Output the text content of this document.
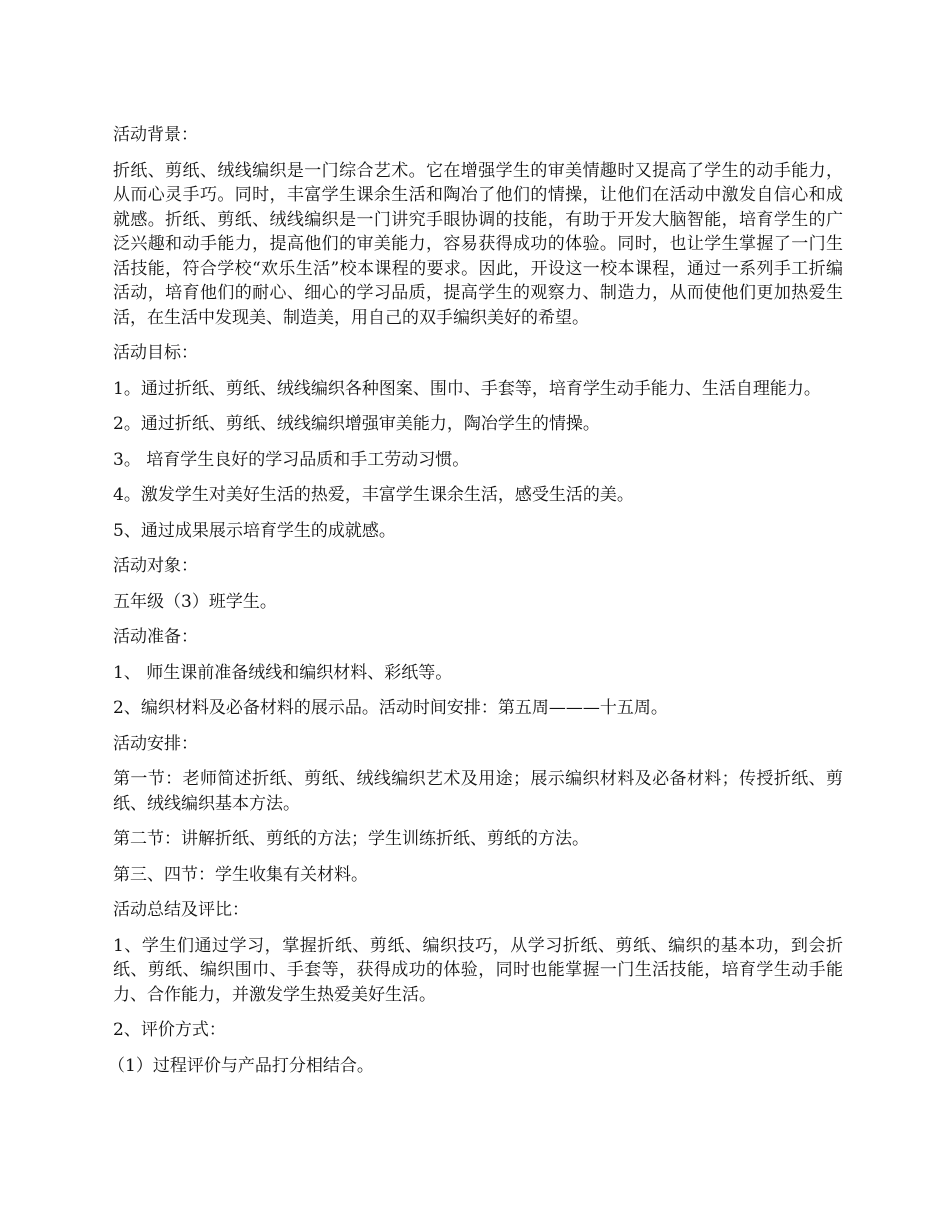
活动背景：

折纸、剪纸、绒线编织是一门综合艺术。它在增强学生的审美情趣时又提高了学生的动手能力，从而心灵手巧。同时，丰富学生课余生活和陶冶了他们的情操，让他们在活动中激发自信心和成就感。折纸、剪纸、绒线编织是一门讲究手眼协调的技能，有助于开发大脑智能，培育学生的广泛兴趣和动手能力，提高他们的审美能力，容易获得成功的体验。同时，也让学生掌握了一门生活技能，符合学校“欢乐生活”校本课程的要求。因此，开设这一校本课程，通过一系列手工折编活动，培育他们的耐心、细心的学习品质，提高学生的观察力、制造力，从而使他们更加热爱生活，在生活中发现美、制造美，用自己的双手编织美好的希望。

活动目标：

1。通过折纸、剪纸、绒线编织各种图案、围巾、手套等，培育学生动手能力、生活自理能力。

2。通过折纸、剪纸、绒线编织增强审美能力，陶冶学生的情操。

3。 培育学生良好的学习品质和手工劳动习惯。

4。激发学生对美好生活的热爱，丰富学生课余生活，感受生活的美。

5、通过成果展示培育学生的成就感。

活动对象：

五年级（3）班学生。

活动准备：

1、 师生课前准备绒线和编织材料、彩纸等。

2、编织材料及必备材料的展示品。活动时间安排：第五周———十五周。

活动安排：

第一节：老师简述折纸、剪纸、绒线编织艺术及用途；展示编织材料及必备材料；传授折纸、剪纸、绒线编织基本方法。

第二节：讲解折纸、剪纸的方法；学生训练折纸、剪纸的方法。

第三、四节：学生收集有关材料。

活动总结及评比：

1、学生们通过学习，掌握折纸、剪纸、编织技巧，从学习折纸、剪纸、编织的基本功，到会折纸、剪纸、编织围巾、手套等，获得成功的体验，同时也能掌握一门生活技能，培育学生动手能力、合作能力，并激发学生热爱美好生活。

2、评价方式：

（1）过程评价与产品打分相结合。
